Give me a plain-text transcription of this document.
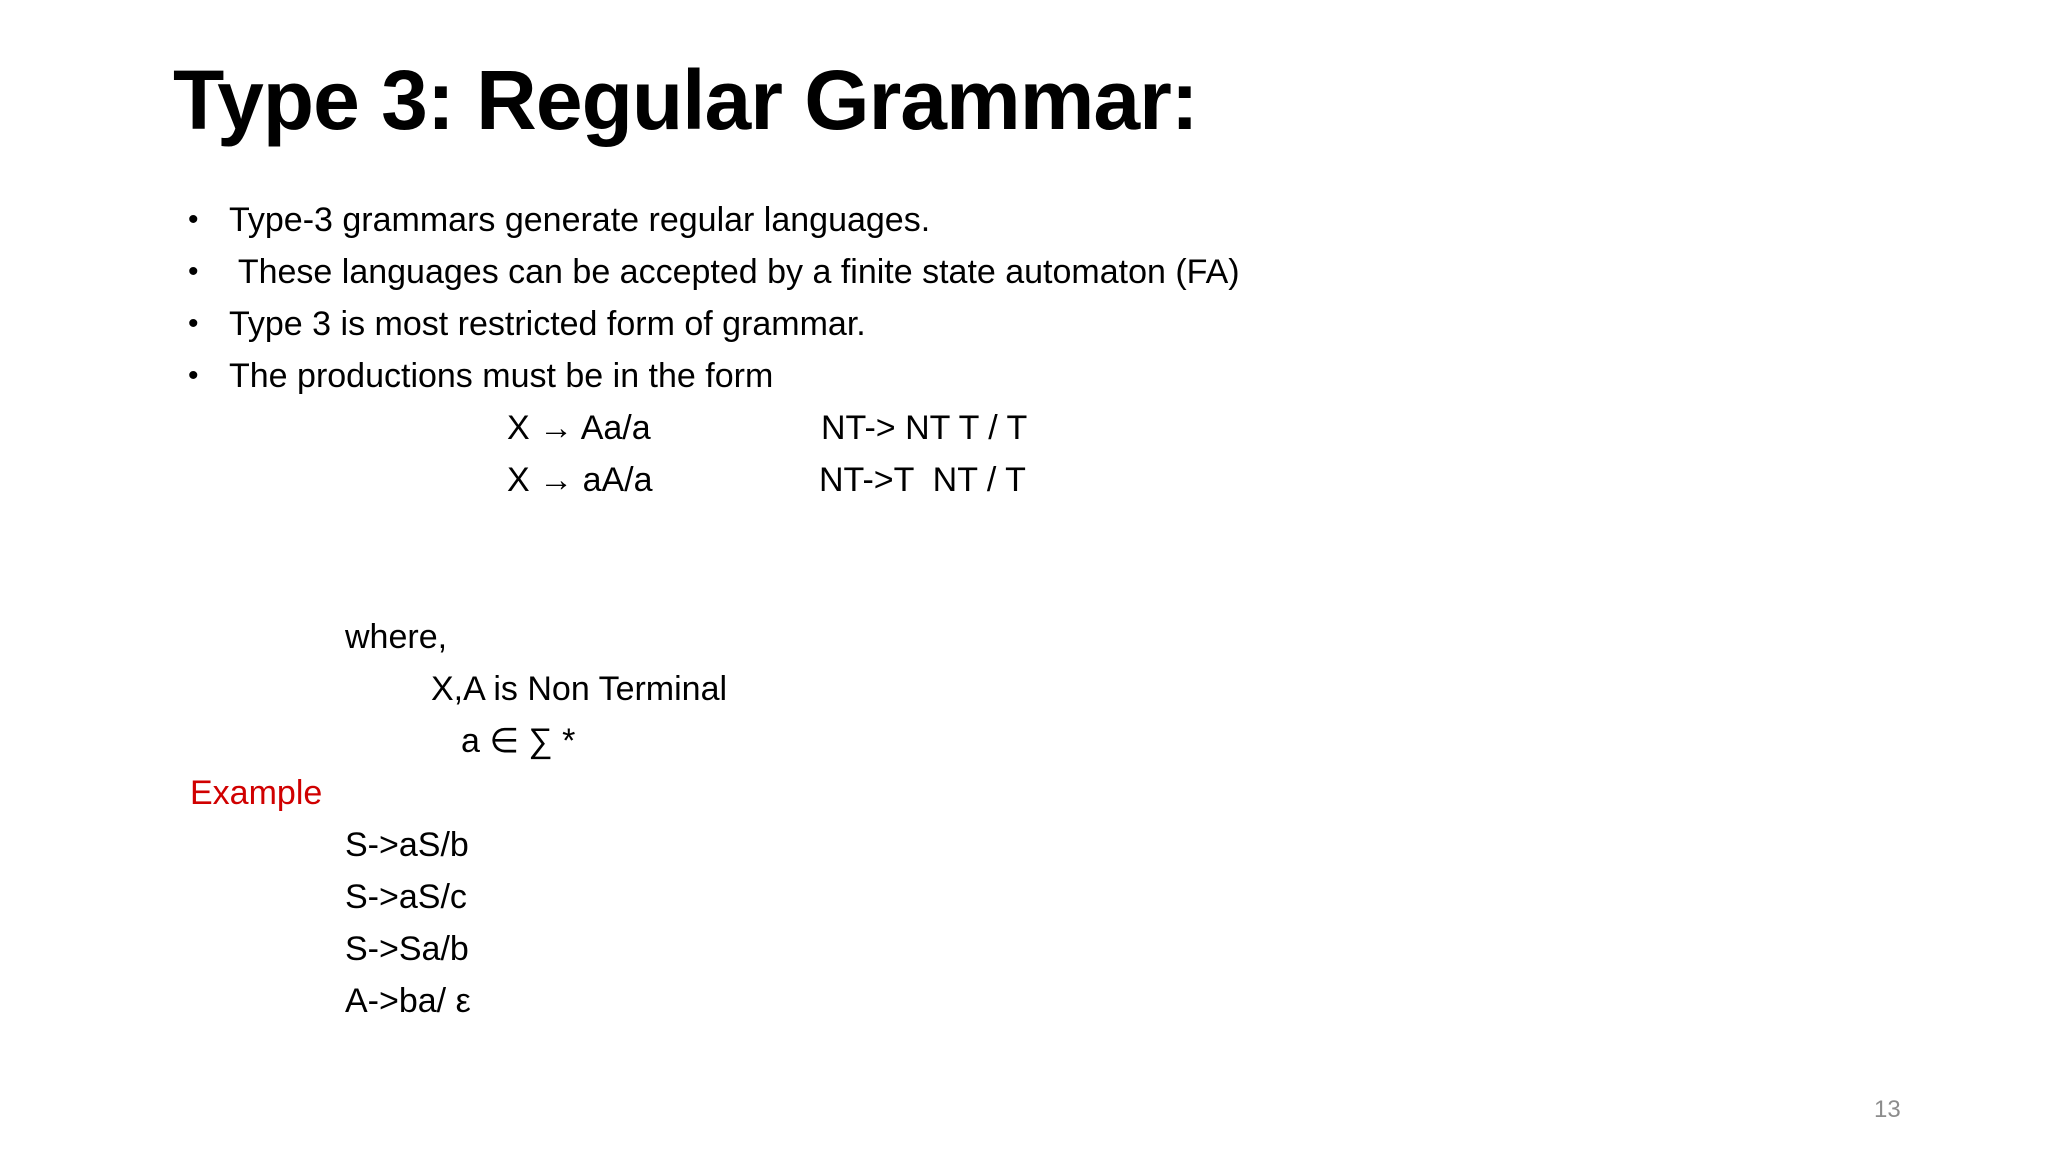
Type 3: Regular Grammar:
• Type-3 grammars generate regular languages.
• These languages can be accepted by a finite state automaton (FA)
• Type 3 is most restricted form of grammar.
• The productions must be in the form
X → Aa/a	NT-> NT T / T
X → aA/a	NT->T  NT / T
where,
X,A is Non Terminal
a ∈ ∑ *
Example
S->aS/b
S->aS/c
S->Sa/b
A->ba/ ε
13
